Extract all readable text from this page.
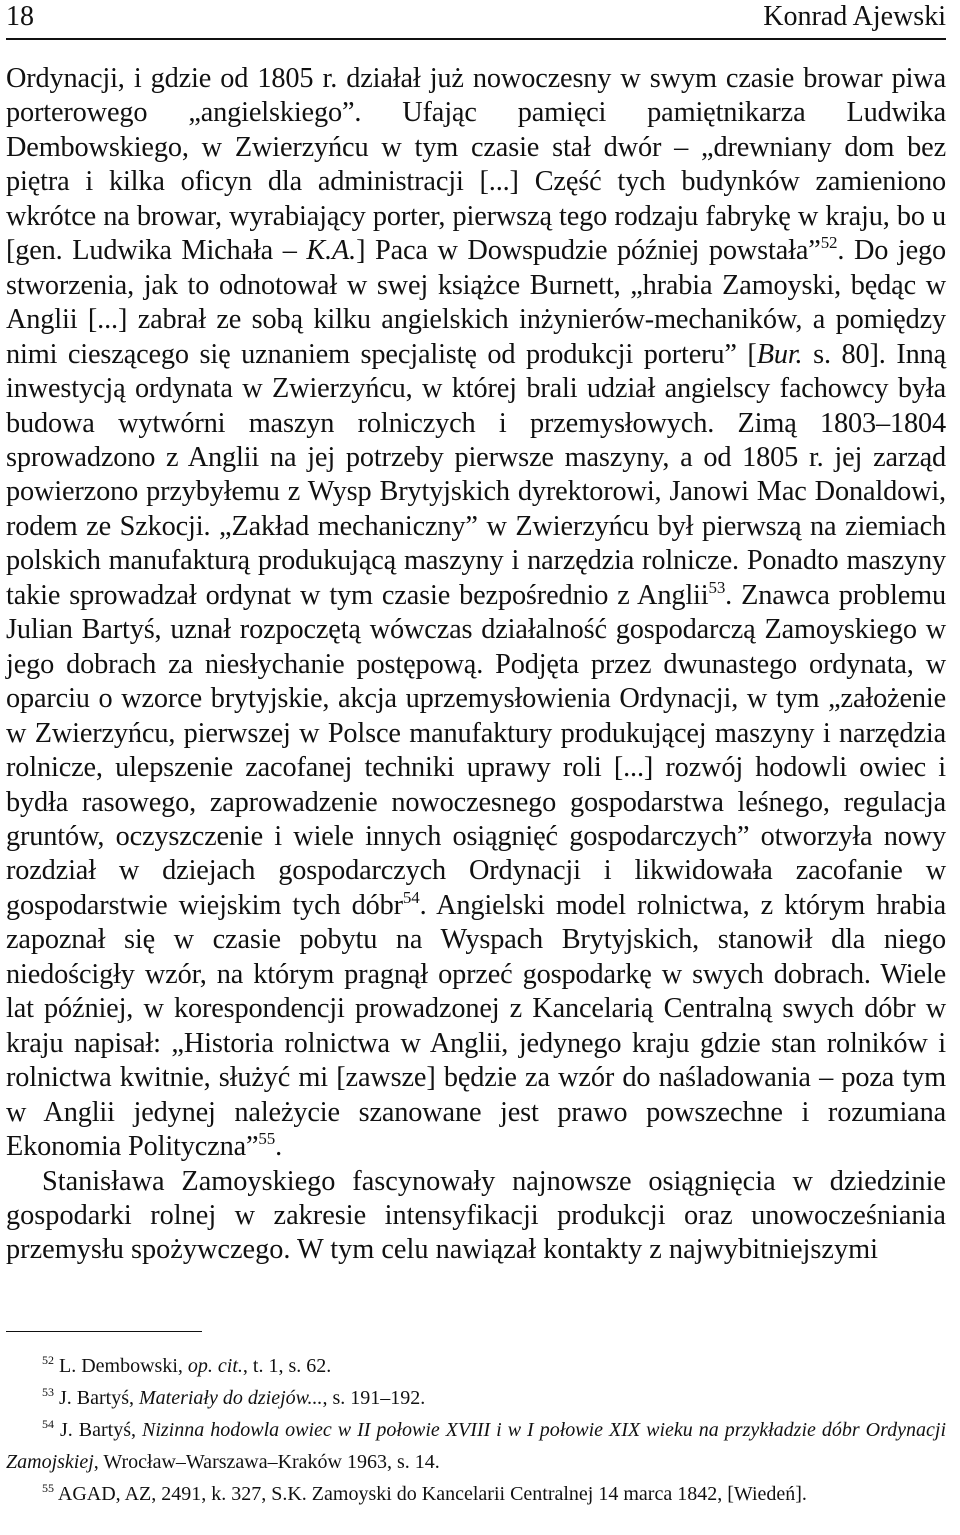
18	Konrad Ajewski

Ordynacji, i gdzie od 1805 r. działał już nowoczesny w swym czasie browar piwa porterowego „angielskiego”. Ufając pamięci pamiętnikarza Ludwika Dembowskiego, w Zwierzyńcu w tym czasie stał dwór – „drewniany dom bez piętra i kilka oficyn dla administracji [...] Część tych budynków zamieniono wkrótce na browar, wyrabiający porter, pierwszą tego rodzaju fabrykę w kraju, bo u [gen. Ludwika Michała – K.A.] Paca w Dowspudzie później powstała”$^{52}$. Do jego stworzenia, jak to odnotował w swej książce Burnett, „hrabia Zamoyski, będąc w Anglii [...] zabrał ze sobą kilku angielskich inżynierów-mechaników, a pomiędzy nimi cieszącego się uznaniem specjalistę od produkcji porteru” [Bur. s. 80]. Inną inwestycją ordynata w Zwierzyńcu, w której brali udział angielscy fachowcy była budowa wytwórni maszyn rolniczych i przemysłowych. Zimą 1803–1804 sprowadzono z Anglii na jej potrzeby pierwsze maszyny, a od 1805 r. jej zarząd powierzono przybyłemu z Wysp Brytyjskich dyrektorowi, Janowi Mac Donaldowi, rodem ze Szkocji. „Zakład mechaniczny” w Zwierzyńcu był pierwszą na ziemiach polskich manufakturą produkującą maszyny i narzędzia rolnicze. Ponadto maszyny takie sprowadzał ordynat w tym czasie bezpośrednio z Anglii$^{53}$. Znawca problemu Julian Bartyś, uznał rozpoczętą wówczas działalność gospodarczą Zamoyskiego w jego dobrach za niesłychanie postępową. Podjęta przez dwunastego ordynata, w oparciu o wzorce brytyjskie, akcja uprzemysłowienia Ordynacji, w tym „założenie w Zwierzyńcu, pierwszej w Polsce manufaktury produkującej maszyny i narzędzia rolnicze, ulepszenie zacofanej techniki uprawy roli [...] rozwój hodowli owiec i bydła rasowego, zaprowadzenie nowoczesnego gospodarstwa leśnego, regulacja gruntów, oczyszczenie i wiele innych osiągnięć gospodarczych” otworzyła nowy rozdział w dziejach gospodarczych Ordynacji i likwidowała zacofanie w gospodarstwie wiejskim tych dóbr$^{54}$. Angielski model rolnictwa, z którym hrabia zapoznał się w czasie pobytu na Wyspach Brytyjskich, stanowił dla niego niedościgły wzór, na którym pragnął oprzeć gospodarkę w swych dobrach. Wiele lat później, w korespondencji prowadzonej z Kancelarią Centralną swych dóbr w kraju napisał: „Historia rolnictwa w Anglii, jedynego kraju gdzie stan rolników i rolnictwa kwitnie, służyć mi [zawsze] będzie za wzór do naśladowania – poza tym w Anglii jedynej należycie szanowane jest prawo powszechne i rozumiana Ekonomia Polityczna”$^{55}$.

Stanisława Zamoyskiego fascynowały najnowsze osiągnięcia w dziedzinie gospodarki rolnej w zakresie intensyfikacji produkcji oraz unowocześniania przemysłu spożywczego. W tym celu nawiązał kontakty z najwybitniejszymi

$^{52}$ L. Dembowski, op. cit., t. 1, s. 62.

$^{53}$ J. Bartyś, Materiały do dziejów..., s. 191–192.

$^{54}$ J. Bartyś, Nizinna hodowla owiec w II połowie XVIII i w I połowie XIX wieku na przykładzie dóbr Ordynacji Zamojskiej, Wrocław–Warszawa–Kraków 1963, s. 14.

$^{55}$ AGAD, AZ, 2491, k. 327, S.K. Zamoyski do Kancelarii Centralnej 14 marca 1842, [Wiedeń].
